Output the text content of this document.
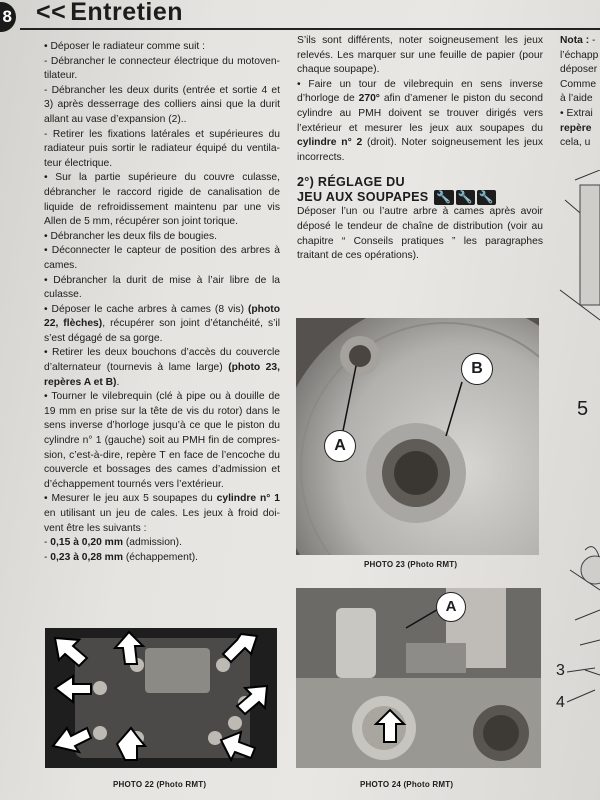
8 << Entretien

• Déposer le radiateur comme suit :

- Débrancher le connecteur électrique du motoven-tilateur.

- Débrancher les deux durits (entrée et sortie 4 et 3) après desserrage des colliers ainsi que la durit allant au vase d’expansion (2)..

- Retirer les fixations latérales et supérieures du radiateur puis sortir le radiateur équipé du ventila-teur électrique.

• Sur la partie supérieure du couvre culasse, débrancher le raccord rigide de canalisation de liquide de refroidissement maintenu par une vis Allen de 5 mm, récupérer son joint torique.

• Débrancher les deux fils de bougies.

• Déconnecter le capteur de position des arbres à cames.

• Débrancher la durit de mise à l’air libre de la culasse.

• Déposer le cache arbres à cames (8 vis) (photo 22, flèches), récupérer son joint d’étanchéité, s’il s’est dégagé de sa gorge.

• Retirer les deux bouchons d’accès du couvercle d’alternateur (tournevis à lame large) (photo 23, repères A et B).

• Tourner le vilebrequin (clé à pipe ou à douille de 19 mm en prise sur la tête de vis du rotor) dans le sens inverse d’horloge jusqu’à ce que le piston du cylindre n° 1 (gauche) soit au PMH fin de compres-sion, c’est-à-dire, repère T en face de l’encoche du couvercle et bossages des cames d’admission et d’échappement tournés vers l’extérieur.

• Mesurer le jeu aux 5 soupapes du cylindre n° 1 en utilisant un jeu de cales. Les jeux à froid doi-vent être les suivants :

- 0,15 à 0,20 mm (admission).

- 0,23 à 0,28 mm (échappement).

S’ils sont différents, noter soigneusement les jeux relevés. Les marquer sur une feuille de papier (pour chaque soupape).

• Faire un tour de vilebrequin en sens inverse d’horloge de 270° afin d’amener le piston du second cylindre au PMH doivent se trouver dirigés vers l’extérieur et mesurer les jeux aux soupapes du cylindre n° 2 (droit). Noter soigneusement les jeux incorrects.

2°) RÉGLAGE DU
JEU AUX SOUPAPES 🔧 🔧 🔧

Déposer l’un ou l’autre arbre à cames après avoir déposé le tendeur de chaîne de distribution (voir au chapitre “ Conseils pratiques ” les paragraphes traitant de ces opérations).

Nota : -

l’échapp

déposer

Comme

à l’aide

• Extrai

repère

cela, u

5
3
4
A
B
PHOTO 23 (Photo RMT)
PHOTO 22 (Photo RMT)
A
PHOTO 24 (Photo RMT)
